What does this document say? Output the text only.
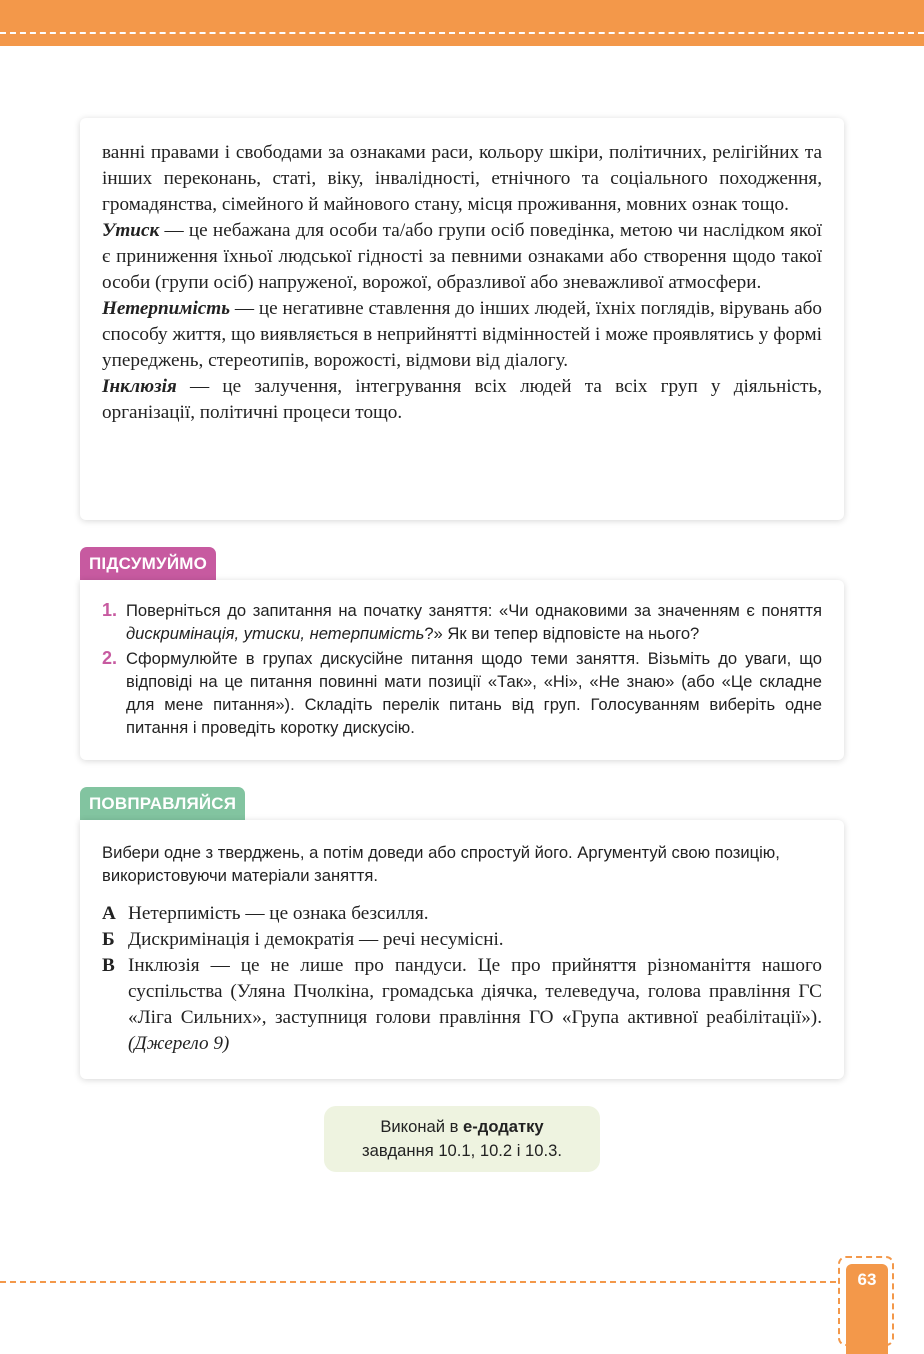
ванні правами і свободами за ознаками раси, кольору шкіри, політичних, релігійних та інших переконань, статі, віку, інвалідності, етнічного та соціального походження, громадянства, сімейного й майнового стану, місця проживання, мовних ознак тощо.

Утиск — це небажана для особи та/або групи осіб поведінка, метою чи наслідком якої є приниження їхньої людської гідності за певними ознаками або створення щодо такої особи (групи осіб) напруженої, ворожої, образливої або зневажливої атмосфери.

Нетерпимість — це негативне ставлення до інших людей, їхніх поглядів, вірувань або способу життя, що виявляється в неприйнятті відмінностей і може проявлятись у формі упереджень, стереотипів, ворожості, відмови від діалогу.

Інклюзія — це залучення, інтегрування всіх людей та всіх груп у діяльність, організації, політичні процеси тощо.

ПІДСУМУЙМО
1. Поверніться до запитання на початку заняття: «Чи однаковими за значенням є поняття дискримінація, утиски, нетерпимість?» Як ви тепер відповісте на нього?
2. Сформулюйте в групах дискусійне питання щодо теми заняття. Візьміть до уваги, що відповіді на це питання повинні мати позиції «Так», «Ні», «Не знаю» (або «Це складне для мене питання»). Складіть перелік питань від груп. Голосуванням виберіть одне питання і проведіть коротку дискусію.
ПОВПРАВЛЯЙСЯ
Вибери одне з тверджень, а потім доведи або спростуй його. Аргументуй свою позицію, використовуючи матеріали заняття.
А Нетерпимість — це ознака безсилля.
Б Дискримінація і демократія — речі несумісні.
В Інклюзія — це не лише про пандуси. Це про прийняття різноманіття нашого суспільства (Уляна Пчолкіна, громадська діячка, телеведуча, голова правління ГС «Ліга Сильних», заступниця голови правління ГО «Група активної реабілітації»). (Джерело 9)
Виконай в е-додатку
завдання 10.1, 10.2 і 10.3.
63
